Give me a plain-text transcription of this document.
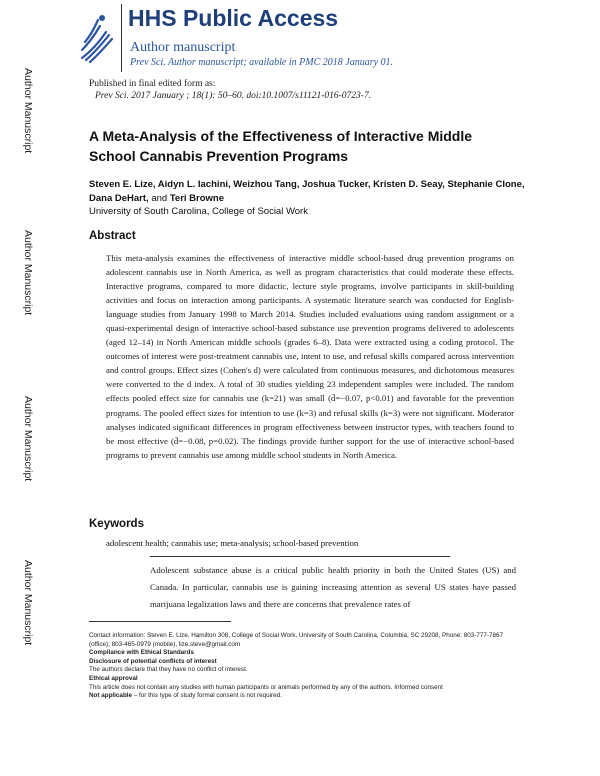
HHS Public Access
Author manuscript
Prev Sci. Author manuscript; available in PMC 2018 January 01.
Author Manuscript
Author Manuscript
Author Manuscript
Author Manuscript
Published in final edited form as:
Prev Sci. 2017 January ; 18(1): 50–60. doi:10.1007/s11121-016-0723-7.
A Meta-Analysis of the Effectiveness of Interactive Middle School Cannabis Prevention Programs
Steven E. Lize, Aidyn L. Iachini, Weizhou Tang, Joshua Tucker, Kristen D. Seay, Stephanie Clone, Dana DeHart, and Teri Browne
University of South Carolina, College of Social Work
Abstract
This meta-analysis examines the effectiveness of interactive middle school-based drug prevention programs on adolescent cannabis use in North America, as well as program characteristics that could moderate these effects. Interactive programs, compared to more didactic, lecture style programs, involve participants in skill-building activities and focus on interaction among participants. A systematic literature search was conducted for English-language studies from January 1998 to March 2014. Studies included evaluations using random assignment or a quasi-experimental design of interactive school-based substance use prevention programs delivered to adolescents (aged 12–14) in North American middle schools (grades 6–8). Data were extracted using a coding protocol. The outcomes of interest were post-treatment cannabis use, intent to use, and refusal skills compared across intervention and control groups. Effect sizes (Cohen's d) were calculated from continuous measures, and dichotomous measures were converted to the d index. A total of 30 studies yielding 23 independent samples were included. The random effects pooled effect size for cannabis use (k=21) was small (d̄=−0.07, p<0.01) and favorable for the prevention programs. The pooled effect sizes for intention to use (k=3) and refusal skills (k=3) were not significant. Moderator analyses indicated significant differences in program effectiveness between instructor types, with teachers found to be most effective (d̄=−0.08, p=0.02). The findings provide further support for the use of interactive school-based programs to prevent cannabis use among middle school students in North America.
Keywords
adolescent health; cannabis use; meta-analysis; school-based prevention
Adolescent substance abuse is a critical public health priority in both the United States (US) and Canada. In particular, cannabis use is gaining increasing attention as several US states have passed marijuana legalization laws and there are concerns that prevalence rates of
Contact information: Steven E. Lize, Hamilton 308, College of Social Work, University of South Carolina, Columbia, SC 29208, Phone: 803-777-7867 (office); 803-465-0979 (mobile), lize.steve@gmail.com
Compliance with Ethical Standards
Disclosure of potential conflicts of interest
The authors declare that they have no conflict of interest.
Ethical approval
This article does not contain any studies with human participants or animals performed by any of the authors. Informed consent
Not applicable – for this type of study formal consent is not required.
